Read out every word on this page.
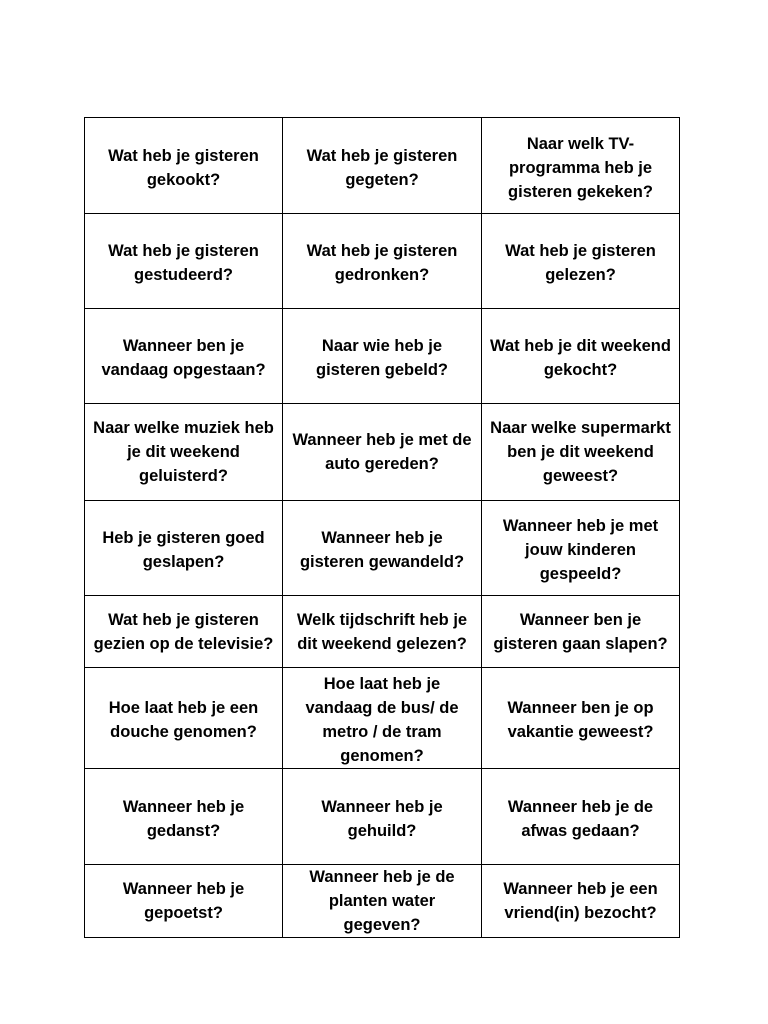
Wat heb je gisteren gekookt?	Wat heb je gisteren gegeten?	Naar welk TV-programma heb je gisteren gekeken?
Wat heb je gisteren gestudeerd?	Wat heb je gisteren gedronken?	Wat heb je gisteren gelezen?
Wanneer ben je vandaag opgestaan?	Naar wie heb je gisteren gebeld?	Wat heb je dit weekend gekocht?
Naar welke muziek heb je dit weekend geluisterd?	Wanneer heb je met de auto gereden?	Naar welke supermarkt ben je dit weekend geweest?
Heb je gisteren goed geslapen?	Wanneer heb je gisteren gewandeld?	Wanneer heb je met jouw kinderen gespeeld?
Wat heb je gisteren gezien op de televisie?	Welk tijdschrift heb je dit weekend gelezen?	Wanneer ben je gisteren gaan slapen?
Hoe laat heb je een douche genomen?	Hoe laat heb je vandaag de bus/ de metro / de tram genomen?	Wanneer ben je op vakantie geweest?
Wanneer heb je gedanst?	Wanneer heb je gehuild?	Wanneer heb je de afwas gedaan?
Wanneer heb je gepoetst?	Wanneer heb je de planten water gegeven?	Wanneer heb je een vriend(in) bezocht?
